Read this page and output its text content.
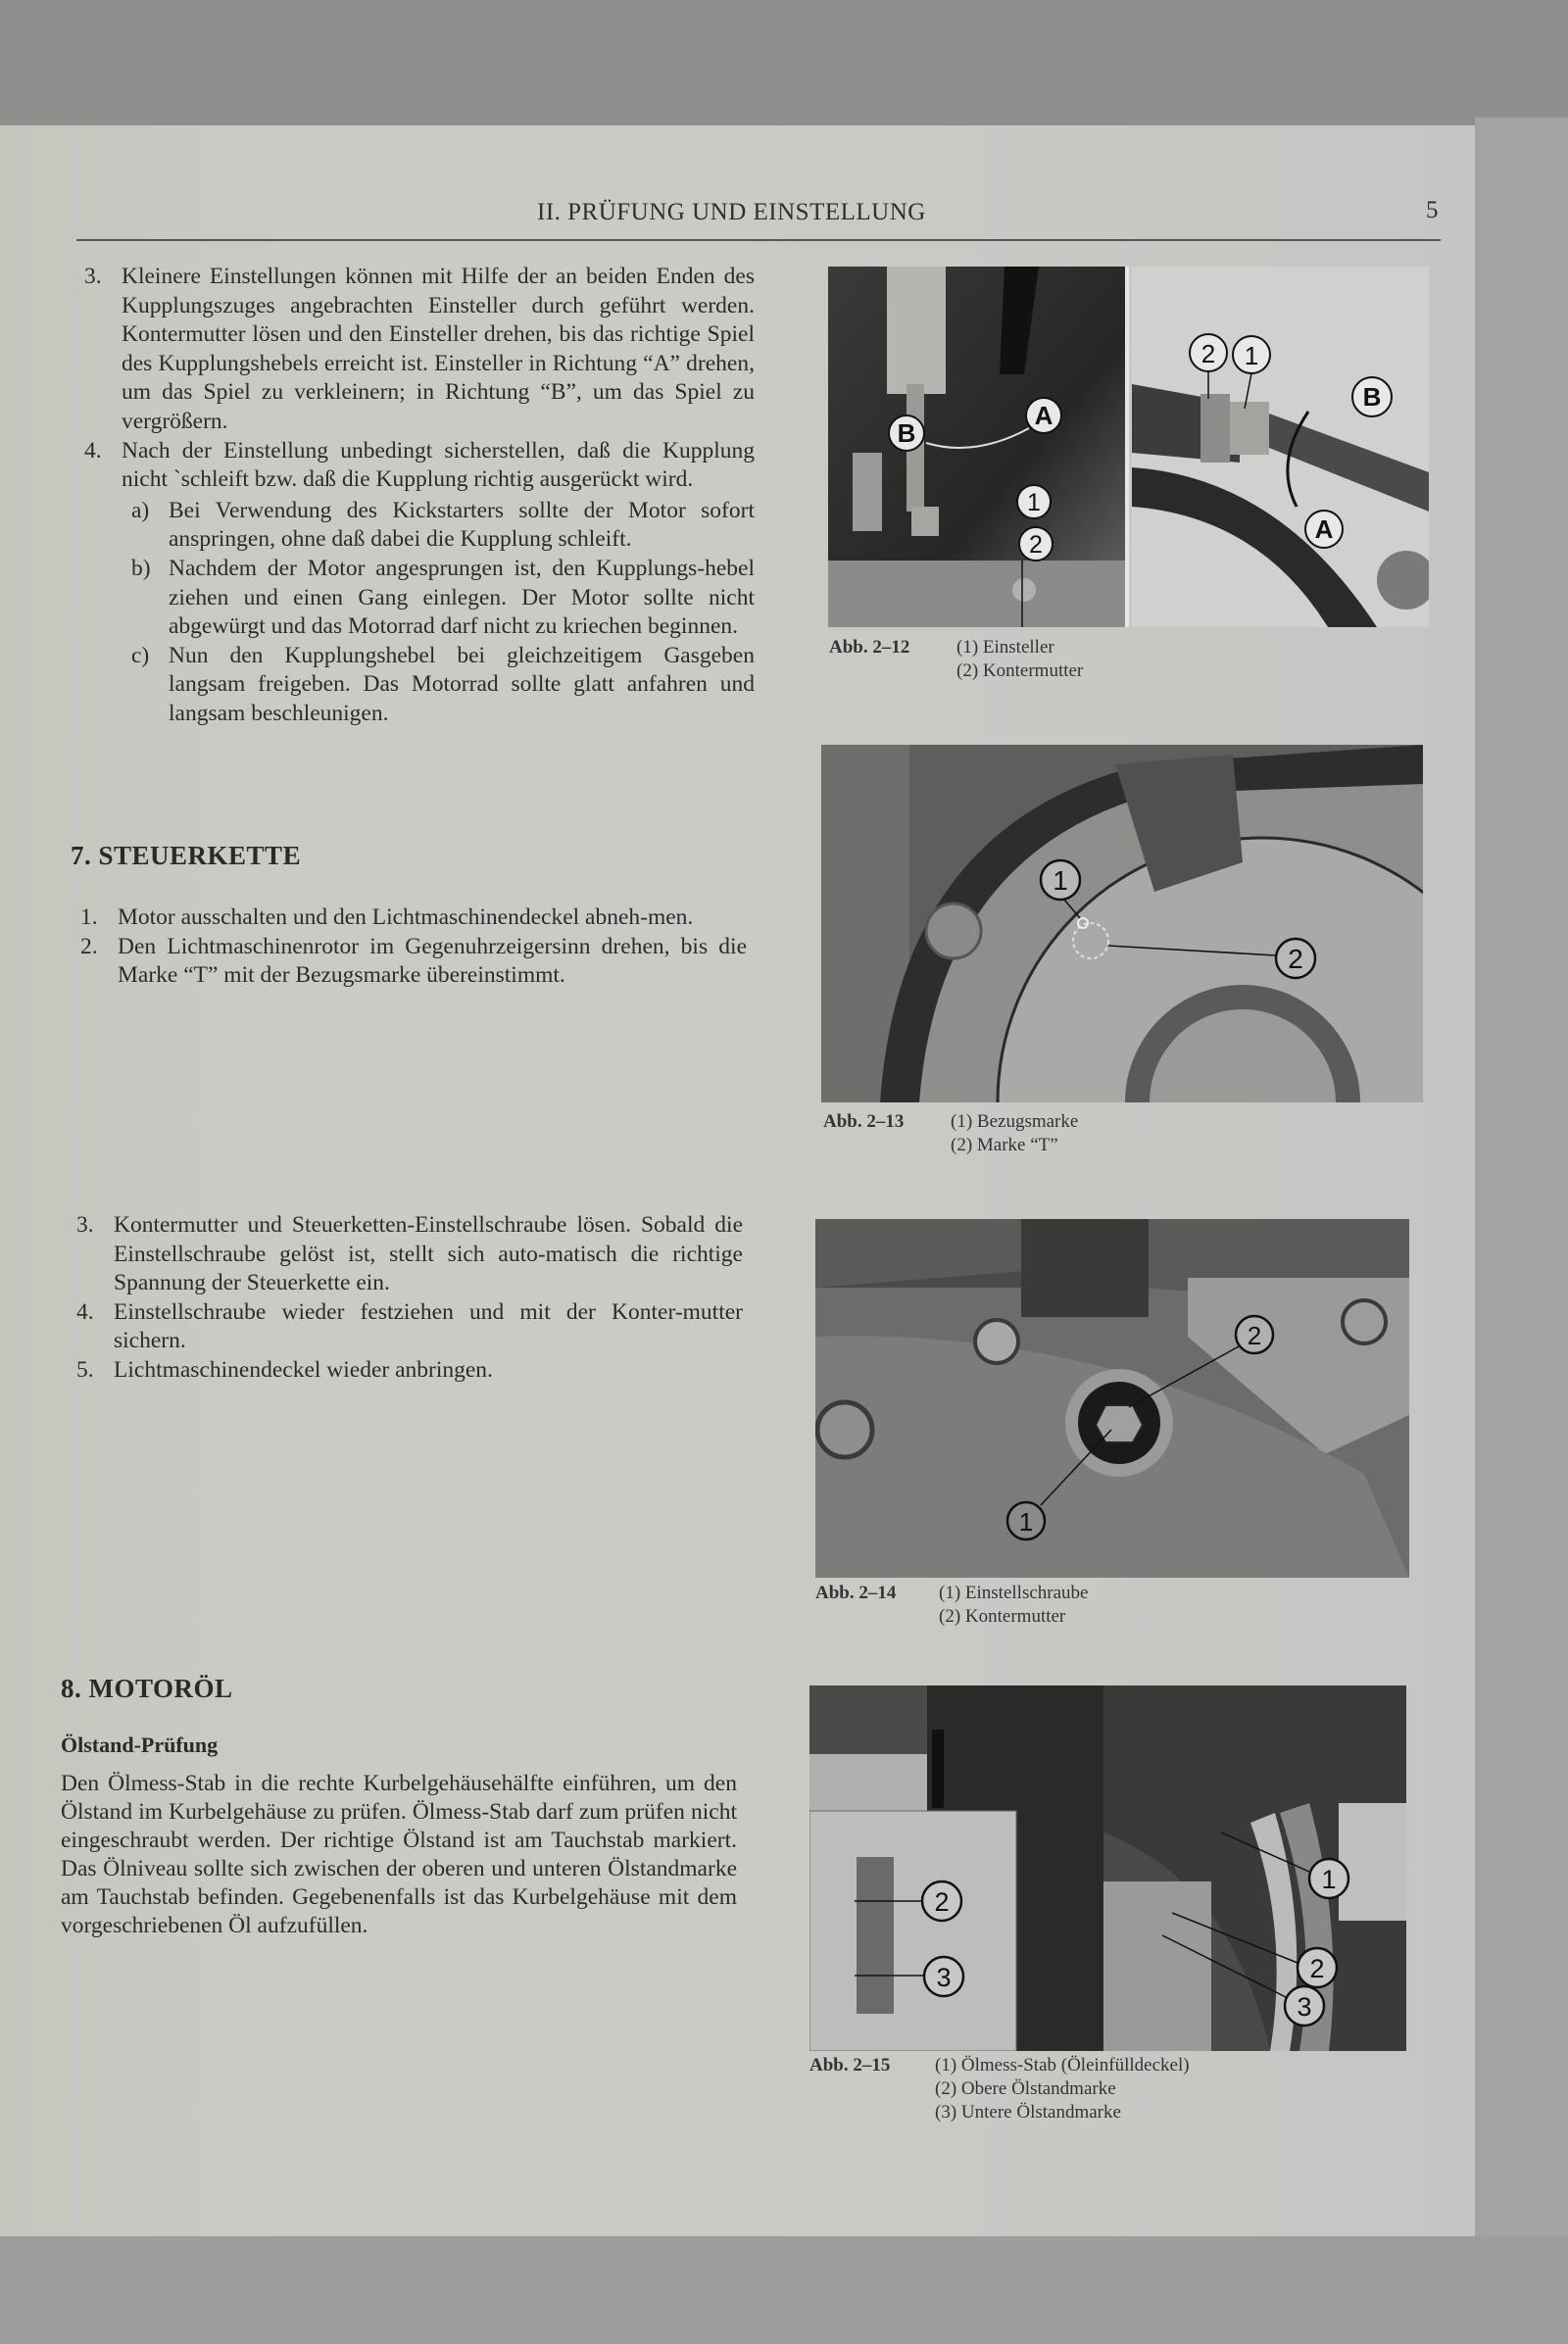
II. PRÜFUNG UND EINSTELLUNG	5
3. Kleinere Einstellungen können mit Hilfe der an beiden Enden des Kupplungszuges angebrachten Einsteller durch geführt werden. Kontermutter lösen und den Einsteller drehen, bis das richtige Spiel des Kupplungshebels erreicht ist. Einsteller in Richtung “A” drehen, um das Spiel zu verkleinern; in Richtung “B”, um das Spiel zu vergrößern.
4. Nach der Einstellung unbedingt sicherstellen, daß die Kupplung nicht ˋschleift bzw. daß die Kupplung richtig ausgerückt wird.
a) Bei Verwendung des Kickstarters sollte der Motor sofort anspringen, ohne daß dabei die Kupplung schleift.
b) Nachdem der Motor angesprungen ist, den Kupplungs-hebel ziehen und einen Gang einlegen. Der Motor sollte nicht abgewürgt und das Motorrad darf nicht zu kriechen beginnen.
c) Nun den Kupplungshebel bei gleichzeitigem Gasgeben langsam freigeben. Das Motorrad sollte glatt anfahren und langsam beschleunigen.
7. STEUERKETTE
1. Motor ausschalten und den Lichtmaschinendeckel abneh-men.
2. Den Lichtmaschinenrotor im Gegenuhrzeigersinn drehen, bis die Marke “T” mit der Bezugsmarke übereinstimmt.
3. Kontermutter und Steuerketten-Einstellschraube lösen. Sobald die Einstellschraube gelöst ist, stellt sich auto-matisch die richtige Spannung der Steuerkette ein.
4. Einstellschraube wieder festziehen und mit der Konter-mutter sichern.
5. Lichtmaschinendeckel wieder anbringen.
8. MOTORÖL
Ölstand-Prüfung
Den Ölmess-Stab in die rechte Kurbelgehäusehälfte einführen, um den Ölstand im Kurbelgehäuse zu prüfen. Ölmess-Stab darf zum prüfen nicht eingeschraubt werden. Der richtige Ölstand ist am Tauchstab markiert. Das Ölniveau sollte sich zwischen der oberen und unteren Ölstandmarke am Tauchstab befinden. Gegebenenfalls ist das Kurbelgehäuse mit dem vorgeschriebenen Öl aufzufüllen.
B
A
1
2
2 1
B
A
Abb. 2–12	(1) Einsteller
(2) Kontermutter
1
2
Abb. 2–13	(1) Bezugsmarke
(2) Marke “T”
1
2
Abb. 2–14 (1) Einstellschraube
(2) Kontermutter
2
3
1
2
3
Abb. 2–15 (1) Ölmess-Stab (Öleinfülldeckel)
(2) Obere Ölstandmarke
(3) Untere Ölstandmarke
